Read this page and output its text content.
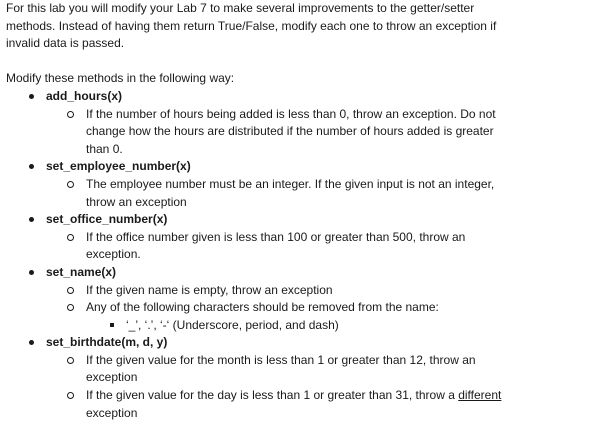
For this lab you will modify your Lab 7 to make several improvements to the getter/setter
methods. Instead of having them return True/False, modify each one to throw an exception if
invalid data is passed.
Modify these methods in the following way:
add_hours(x)
If the number of hours being added is less than 0, throw an exception. Do not
change how the hours are distributed if the number of hours added is greater
than 0.
set_employee_number(x)
The employee number must be an integer. If the given input is not an integer,
throw an exception
set_office_number(x)
If the office number given is less than 100 or greater than 500, throw an
exception.
set_name(x)
If the given name is empty, throw an exception
Any of the following characters should be removed from the name:
‘_’, ‘.’, ‘-‘ (Underscore, period, and dash)
set_birthdate(m, d, y)
If the given value for the month is less than 1 or greater than 12, throw an
exception
If the given value for the day is less than 1 or greater than 31, throw a different
exception
